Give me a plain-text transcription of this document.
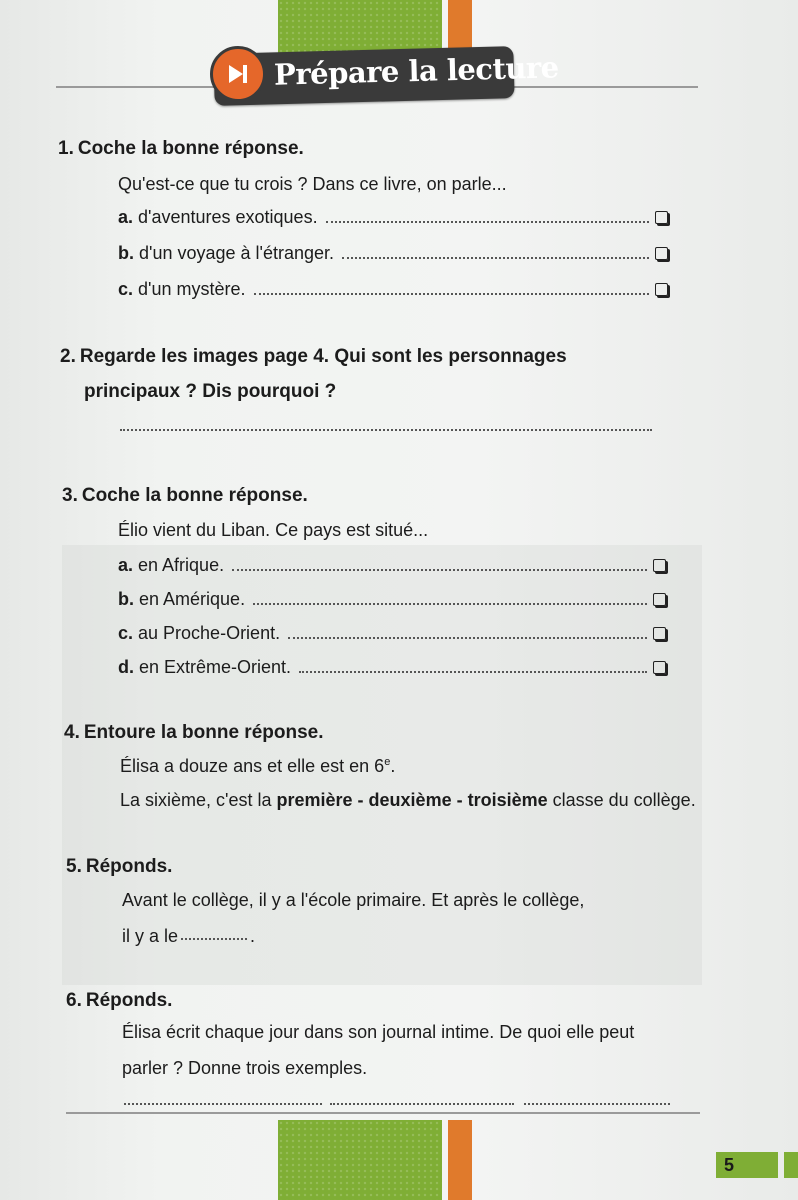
Prépare la lecture
1. Coche la bonne réponse.
Qu'est-ce que tu crois ? Dans ce livre, on parle...
a. d'aventures exotiques.
b. d'un voyage à l'étranger.
c. d'un mystère.
2. Regarde les images page 4. Qui sont les personnages
principaux ? Dis pourquoi ?
3. Coche la bonne réponse.
Élio vient du Liban. Ce pays est situé...
a. en Afrique.
b. en Amérique.
c. au Proche-Orient.
d. en Extrême-Orient.
4. Entoure la bonne réponse.
Élisa a douze ans et elle est en 6e.
La sixième, c'est la première - deuxième - troisième classe du collège.
5. Réponds.
Avant le collège, il y a l'école primaire. Et après le collège,
il y a le	.
6. Réponds.
Élisa écrit chaque jour dans son journal intime. De quoi elle peut
parler ? Donne trois exemples.
5
